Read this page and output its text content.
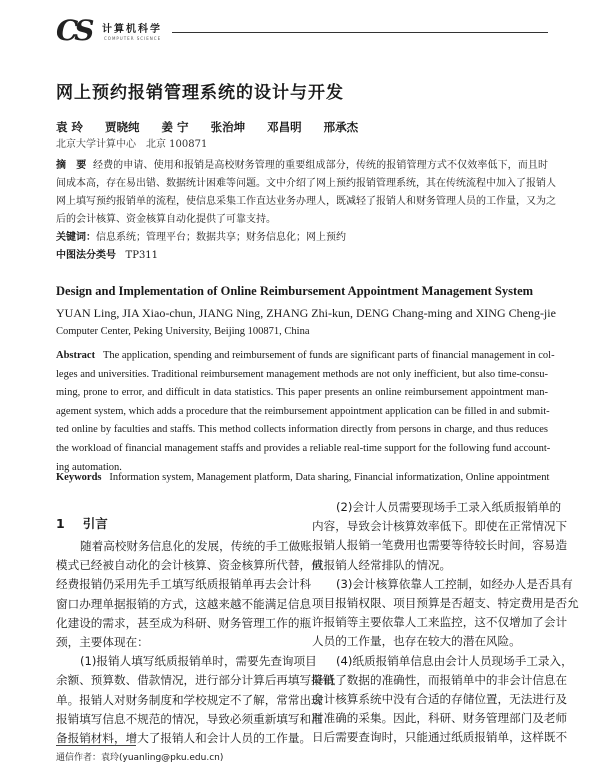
CS 计算机科学
COMPUTER SCIENCE
网上预约报销管理系统的设计与开发
袁 玲 贾晓纯 姜 宁 张治坤 邓昌明 邢承杰
北京大学计算中心　北京 100871
摘　要 经费的申请、使用和报销是高校财务管理的重要组成部分，传统的报销管理方式不仅效率低下，而且时
间成本高，存在易出错、数据统计困难等问题。文中介绍了网上预约报销管理系统，其在传统流程中加入了报销人
网上填写预约报销单的流程，使信息采集工作直达业务办理人，既减轻了报销人和财务管理人员的工作量，又为之
后的会计核算、资金核算自动化提供了可靠支持。
关键词：信息系统；管理平台；数据共享；财务信息化；网上预约
中图法分类号 TP311
Design and Implementation of Online Reimbursement Appointment Management System
YUAN Ling, JIA Xiao-chun, JIANG Ning, ZHANG Zhi-kun, DENG Chang-ming and XING Cheng-jie
Computer Center, Peking University, Beijing 100871, China
Abstract The application, spending and reimbursement of funds are significant parts of financial management in col-
leges and universities. Traditional reimbursement management methods are not only inefficient, but also time-consu-
ming, prone to error, and difficult in data statistics. This paper presents an online reimbursement appointment man-
agement system, which adds a procedure that the reimbursement appointment application can be filled in and submit-
ted online by faculties and staffs. This method collects information directly from persons in charge, and thus reduces
the workload of financial management staffs and provides a reliable real-time support for the following fund account-
ing automation.
Keywords Information system, Management platform, Data sharing, Financial informatization, Online appointment
1 引言
随着高校财务信息化的发展，传统的手工做账
模式已经被自动化的会计核算、资金核算所代替，但
经费报销仍采用先手工填写纸质报销单再去会计科
窗口办理单据报销的方式，这越来越不能满足信息
化建设的需求，甚至成为科研、财务管理工作的瓶
颈，主要体现在：
(1)报销人填写纸质报销单时，需要先查询项目
余额、预算数、借款情况，进行部分计算后再填写报销
单。报销人对财务制度和学校规定不了解，常常出现
报销填写信息不规范的情况，导致必须重新填写和准
备报销材料，增大了报销人和会计人员的工作量。
(2)会计人员需要现场手工录入纸质报销单的
内容，导致会计核算效率低下。即使在正常情况下
报销人报销一笔费用也需要等待较长时间，容易造
成报销人经常排队的情况。
(3)会计核算依靠人工控制，如经办人是否具有
项目报销权限、项目预算是否超支、特定费用是否允
许报销等主要依靠人工来监控，这不仅增加了会计
人员的工作量，也存在较大的潜在风险。
(4)纸质报销单信息由会计人员现场手工录入，
降低了数据的准确性，而报销单中的非会计信息在
会计核算系统中没有合适的存储位置，无法进行及
时准确的采集。因此，科研、财务管理部门及老师
日后需要查询时，只能通过纸质报销单，这样既不

通信作者：袁玲(yuanling@pku.edu.cn)
